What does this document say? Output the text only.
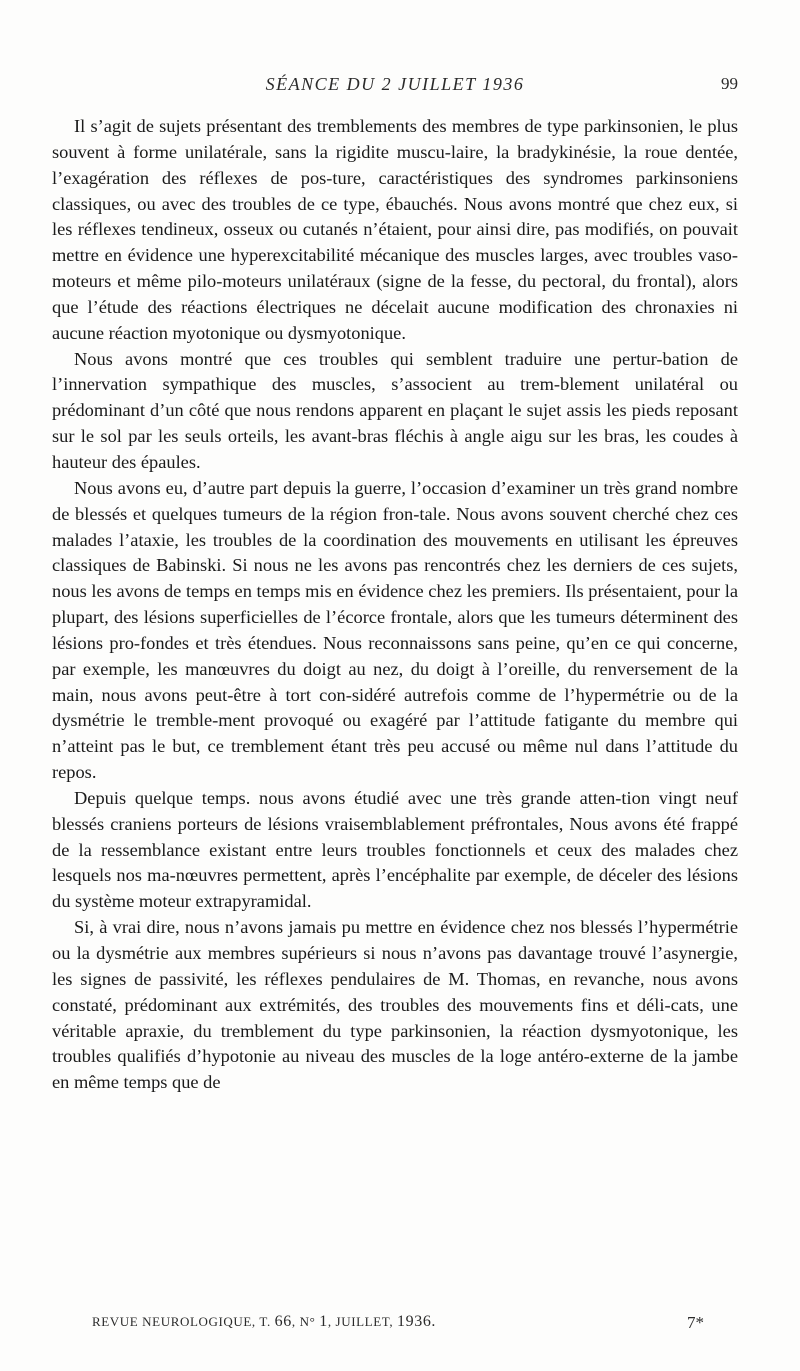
SÉANCE DU 2 JUILLET 1936	99

Il s’agit de sujets présentant des tremblements des membres de type parkinsonien, le plus souvent à forme unilatérale, sans la rigidite muscu-laire, la bradykinésie, la roue dentée, l’exagération des réflexes de pos-ture, caractéristiques des syndromes parkinsoniens classiques, ou avec des troubles de ce type, ébauchés. Nous avons montré que chez eux, si les réflexes tendineux, osseux ou cutanés n’étaient, pour ainsi dire, pas modifiés, on pouvait mettre en évidence une hyperexcitabilité mécanique des muscles larges, avec troubles vaso-moteurs et même pilo-moteurs unilatéraux (signe de la fesse, du pectoral, du frontal), alors que l’étude des réactions électriques ne décelait aucune modification des chronaxies ni aucune réaction myotonique ou dysmyotonique.

Nous avons montré que ces troubles qui semblent traduire une pertur-bation de l’innervation sympathique des muscles, s’associent au trem-blement unilatéral ou prédominant d’un côté que nous rendons apparent en plaçant le sujet assis les pieds reposant sur le sol par les seuls orteils, les avant-bras fléchis à angle aigu sur les bras, les coudes à hauteur des épaules.

Nous avons eu, d’autre part depuis la guerre, l’occasion d’examiner un très grand nombre de blessés et quelques tumeurs de la région fron-tale. Nous avons souvent cherché chez ces malades l’ataxie, les troubles de la coordination des mouvements en utilisant les épreuves classiques de Babinski. Si nous ne les avons pas rencontrés chez les derniers de ces sujets, nous les avons de temps en temps mis en évidence chez les premiers. Ils présentaient, pour la plupart, des lésions superficielles de l’écorce frontale, alors que les tumeurs déterminent des lésions pro-fondes et très étendues. Nous reconnaissons sans peine, qu’en ce qui concerne, par exemple, les manœuvres du doigt au nez, du doigt à l’oreille, du renversement de la main, nous avons peut-être à tort con-sidéré autrefois comme de l’hypermétrie ou de la dysmétrie le tremble-ment provoqué ou exagéré par l’attitude fatigante du membre qui n’atteint pas le but, ce tremblement étant très peu accusé ou même nul dans l’attitude du repos.

Depuis quelque temps. nous avons étudié avec une très grande atten-tion vingt neuf blessés craniens porteurs de lésions vraisemblablement préfrontales, Nous avons été frappé de la ressemblance existant entre leurs troubles fonctionnels et ceux des malades chez lesquels nos ma-nœuvres permettent, après l’encéphalite par exemple, de déceler des lésions du système moteur extrapyramidal.

Si, à vrai dire, nous n’avons jamais pu mettre en évidence chez nos blessés l’hypermétrie ou la dysmétrie aux membres supérieurs si nous n’avons pas davantage trouvé l’asynergie, les signes de passivité, les réflexes pendulaires de M. Thomas, en revanche, nous avons constaté, prédominant aux extrémités, des troubles des mouvements fins et déli-cats, une véritable apraxie, du tremblement du type parkinsonien, la réaction dysmyotonique, les troubles qualifiés d’hypotonie au niveau des muscles de la loge antéro-externe de la jambe en même temps que de

REVUE NEUROLOGIQUE, T. 66, N° 1, JUILLET, 1936.	7*
